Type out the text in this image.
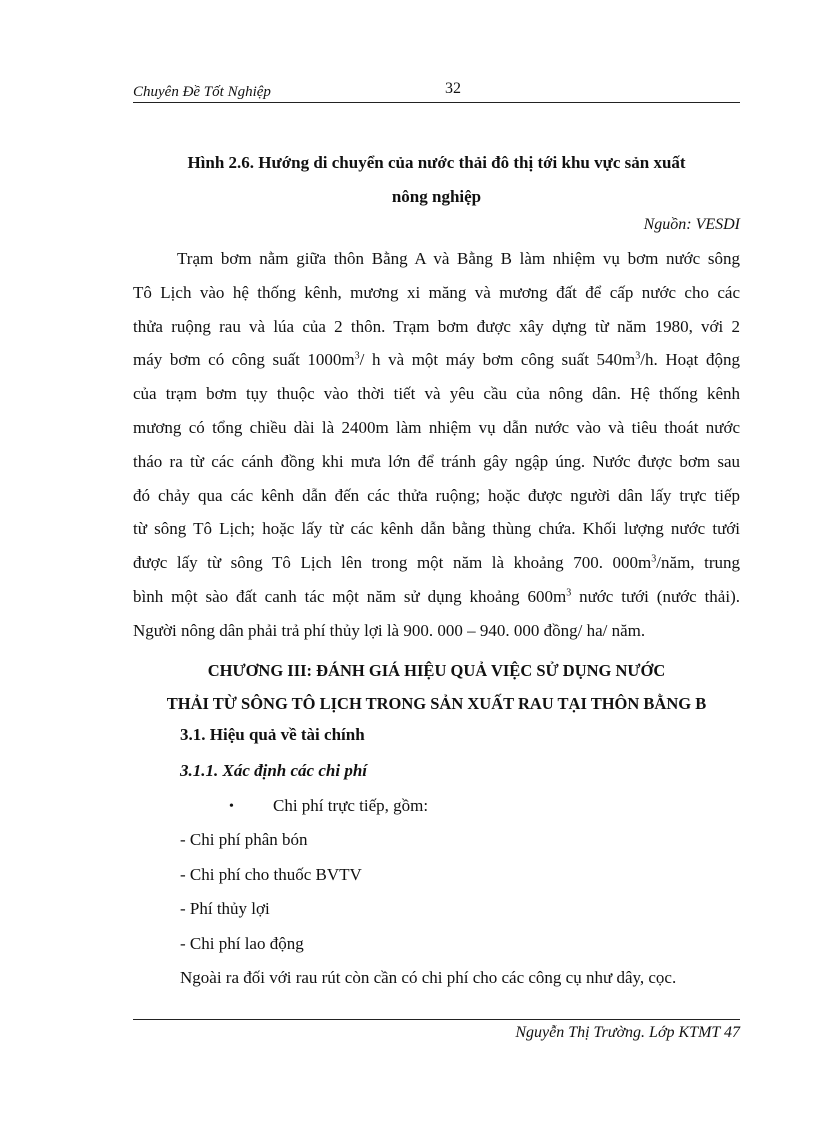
Chuyên Đề Tốt Nghiệp	32
Hình 2.6. Hướng di chuyển của nước thải đô thị tới khu vực sản xuất
nông nghiệp
Nguồn: VESDI
Trạm bơm nằm giữa thôn Bằng A và Bằng B làm nhiệm vụ bơm nước sông
Tô Lịch vào hệ thống kênh, mương xi măng và mương đất để cấp nước cho các
thửa ruộng rau và lúa của 2 thôn. Trạm bơm được xây dựng từ năm 1980, với 2
máy bơm có công suất $1000m^3/$ h và một máy bơm công suất $540m^3/h$. Hoạt động
của trạm bơm tụy thuộc vào thời tiết và yêu cầu của nông dân. Hệ thống kênh
mương có tổng chiều dài là 2400m làm nhiệm vụ dẫn nước vào và tiêu thoát nước
tháo ra từ các cánh đồng khi mưa lớn để tránh gây ngập úng. Nước được bơm sau
đó chảy qua các kênh dẫn đến các thửa ruộng; hoặc được người dân lấy trực tiếp
từ sông Tô Lịch; hoặc lấy từ các kênh dẫn bằng thùng chứa. Khối lượng nước tưới
được lấy từ sông Tô Lịch lên trong một năm là khoảng 700. $000m^3$/năm, trung
bình một sào đất canh tác một năm sử dụng khoảng $600m^3$ nước tưới (nước thải).
Người nông dân phải trả phí thủy lợi là 900. 000 – 940. 000 đồng/ ha/ năm.
CHƯƠNG III: ĐÁNH GIÁ HIỆU QUẢ VIỆC SỬ DỤNG NƯỚC
THẢI TỪ SÔNG TÔ LỊCH TRONG SẢN XUẤT RAU TẠI THÔN BẰNG B
3.1. Hiệu quả về tài chính
3.1.1. Xác định các chi phí
• Chi phí trực tiếp, gồm:
- Chi phí phân bón
- Chi phí cho thuốc BVTV
- Phí thủy lợi
- Chi phí lao động
Ngoài ra đối với rau rút còn cần có chi phí cho các công cụ như dây, cọc.
Nguyễn Thị Trường. Lớp KTMT 47
